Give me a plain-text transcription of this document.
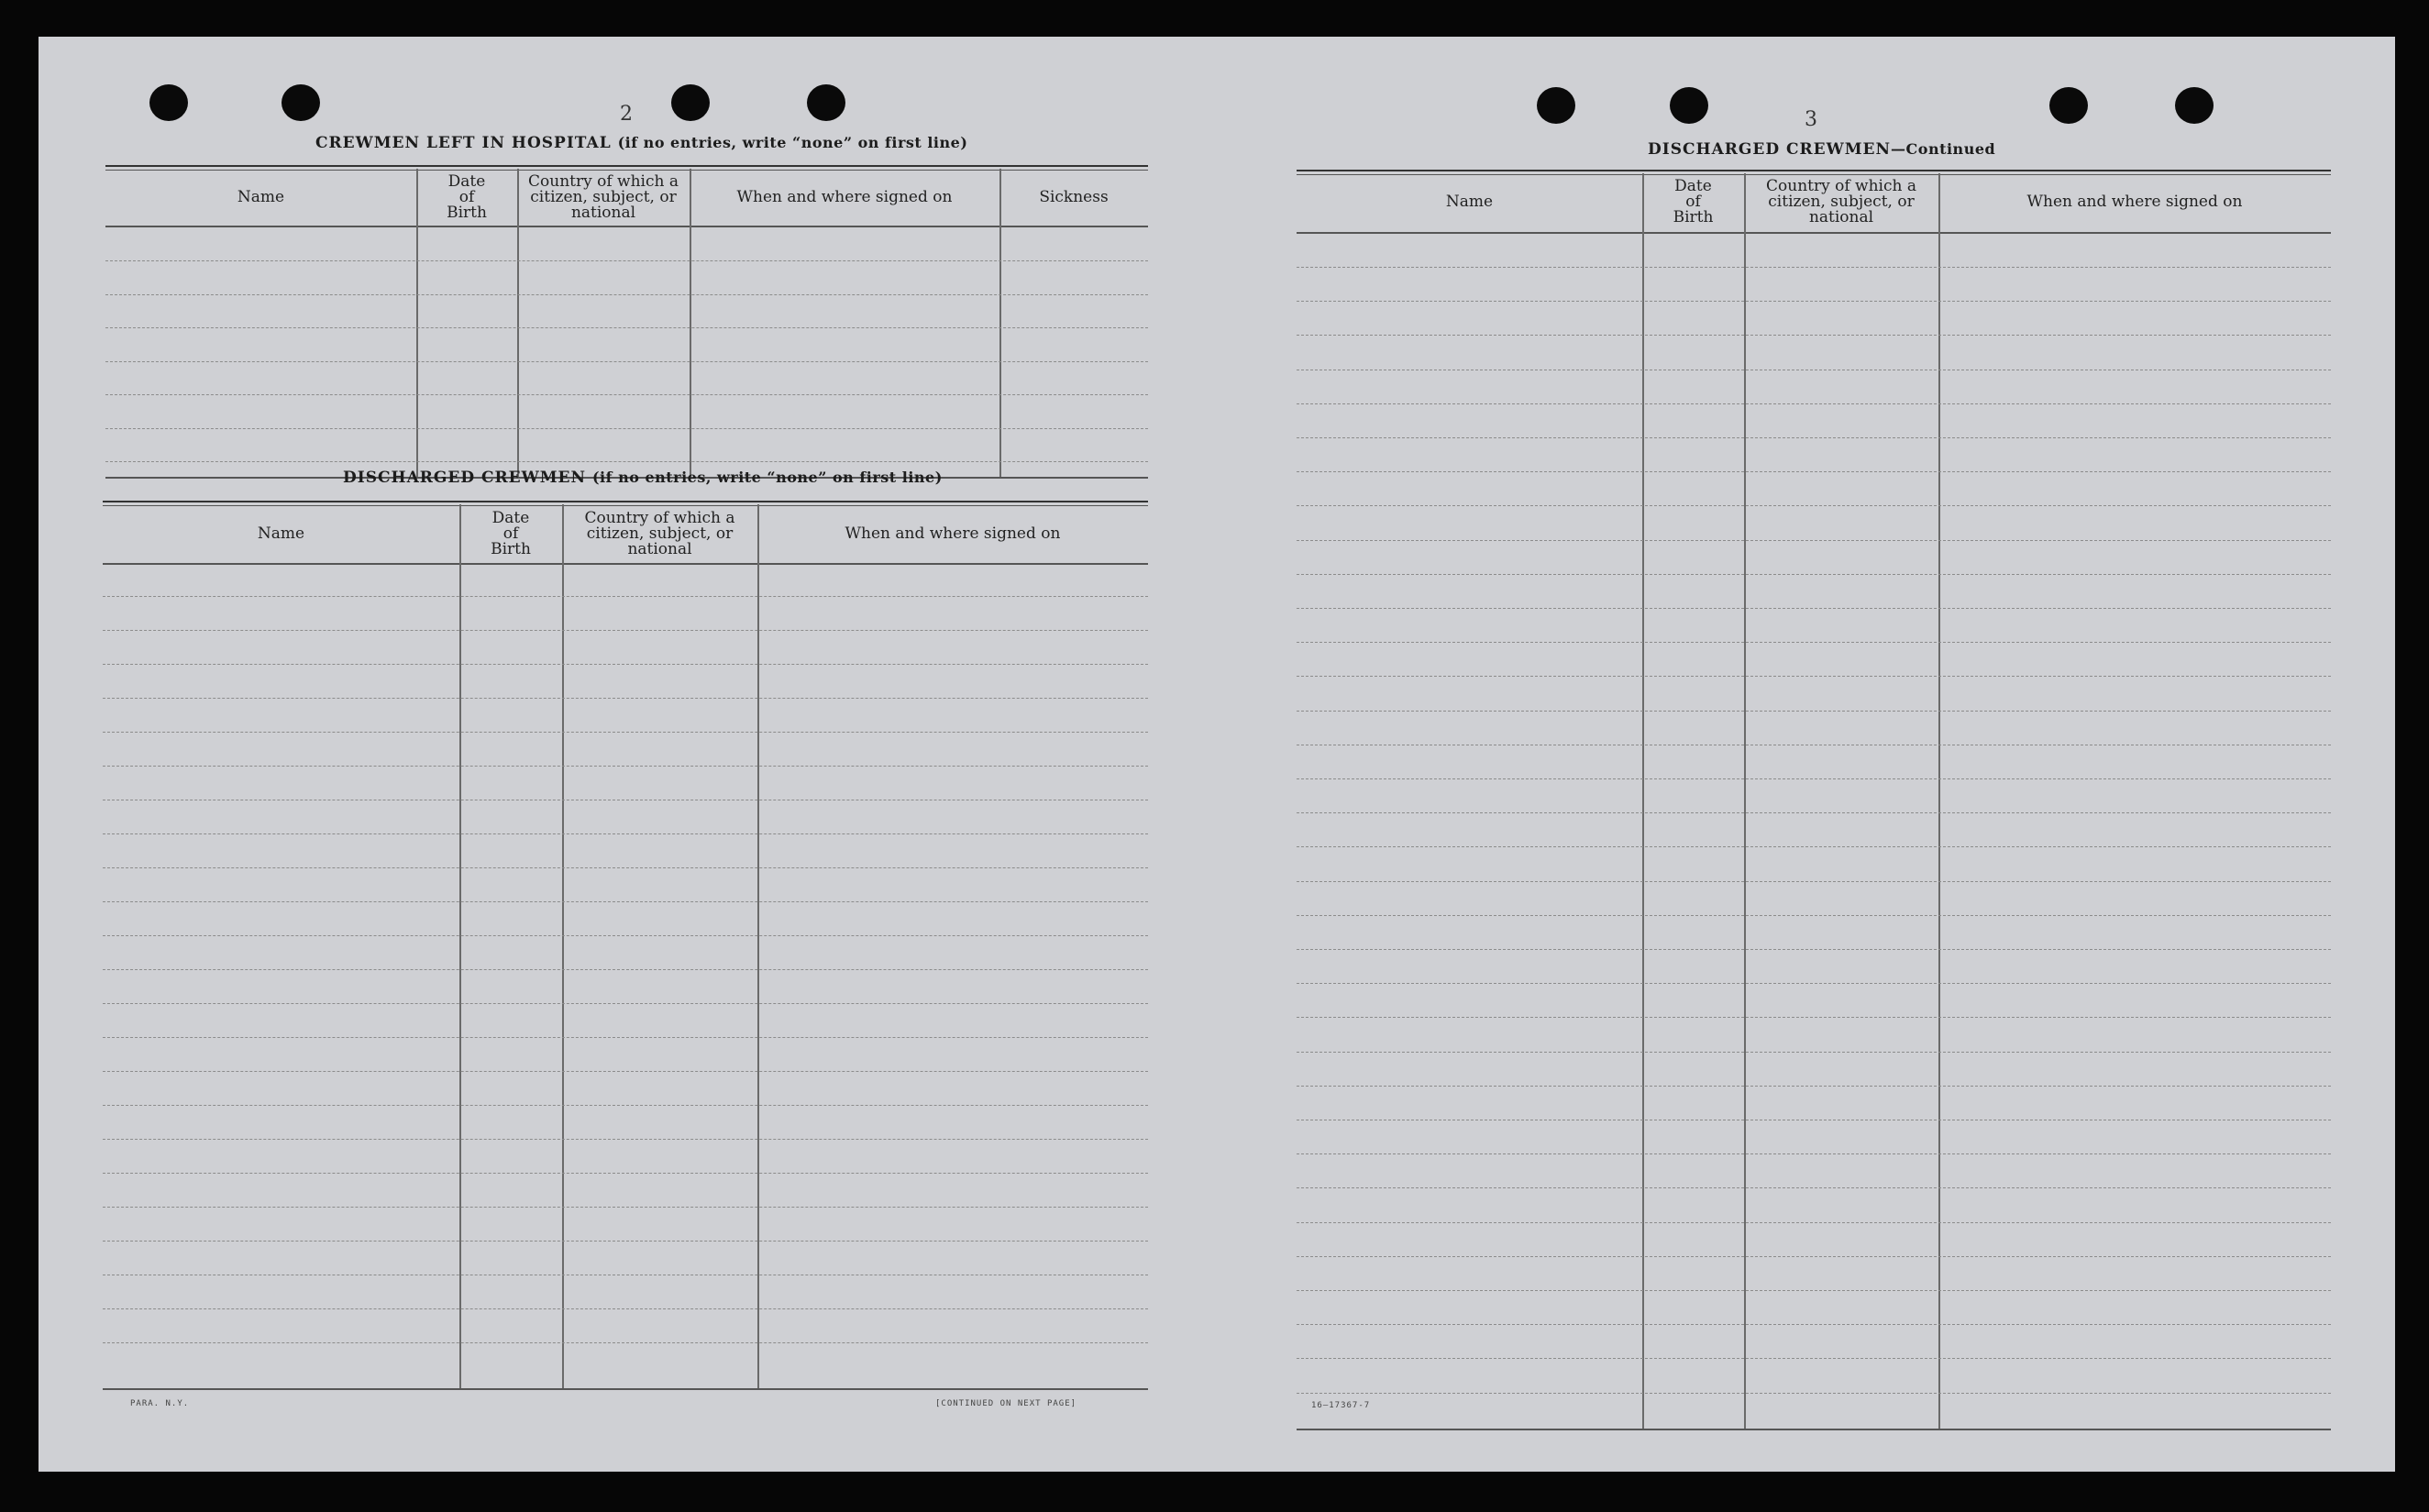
2
CREWMEN LEFT IN HOSPITAL (if no entries, write “none” on first line)
Name
Date
of
Birth
Country of which a
citizen, subject, or
national
When and where signed on	Sickness
DISCHARGED CREWMEN (if no entries, write “none” on first line)
Name
Date
of
Birth
Country of which a
citizen, subject, or
national
When and where signed on
PARA. N.Y.	[CONTINUED ON NEXT PAGE]
3
DISCHARGED CREWMEN—Continued
Name
Date
of
Birth
Country of which a
citizen, subject, or
national
When and where signed on
16—17367-7
